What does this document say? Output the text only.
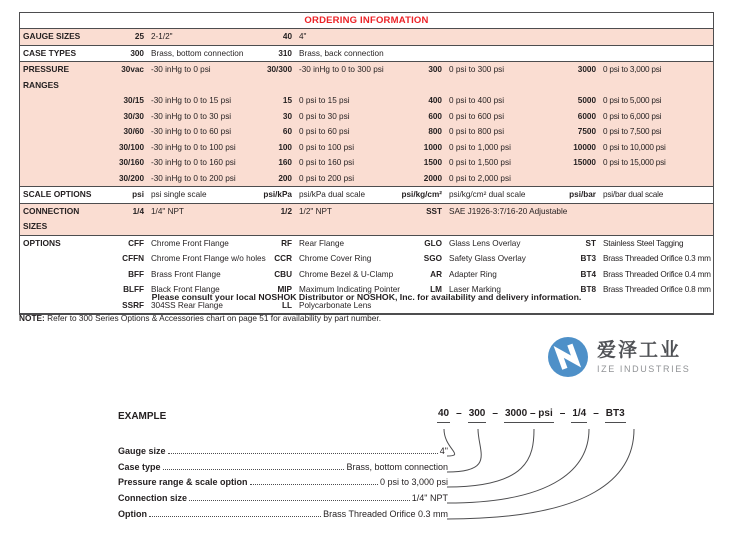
ORDERING INFORMATION
GAUGE SIZES	25 2-1/2"	40 4"
CASE TYPES	300 Brass, bottom connection	310 Brass, back connection
PRESSURE RANGES
30vac -30 inHg to 0 psi	30/300 -30 inHg to 0 to 300 psi	300 0 psi to 300 psi	3000 0 psi to 3,000 psi
30/15 -30 inHg to 0 to 15 psi	15 0 psi to 15 psi	400 0 psi to 400 psi	5000 0 psi to 5,000 psi
30/30 -30 inHg to 0 to 30 psi	30 0 psi to 30 psi	600 0 psi to 600 psi	6000 0 psi to 6,000 psi
30/60 -30 inHg to 0 to 60 psi	60 0 psi to 60 psi	800 0 psi to 800 psi	7500 0 psi to 7,500 psi
30/100 -30 inHg to 0 to 100 psi	100 0 psi to 100 psi	1000 0 psi to 1,000 psi	10000 0 psi to 10,000 psi
30/160 -30 inHg to 0 to 160 psi	160 0 psi to 160 psi	1500 0 psi to 1,500 psi	15000 0 psi to 15,000 psi
30/200 -30 inHg to 0 to 200 psi	200 0 psi to 200 psi	2000 0 psi to 2,000 psi
SCALE OPTIONS	psi psi single scale	psi/kPa psi/kPa dual scale	psi/kg/cm² psi/kg/cm² dual scale	psi/bar psi/bar dual scale
CONNECTION SIZES
1/4 1/4" NPT	1/2 1/2" NPT	SST SAE J1926-3:7/16-20 Adjustable
OPTIONS	CFF Chrome Front Flange	RF Rear Flange	GLO Glass Lens Overlay	ST Stainless Steel Tagging
CFFN Chrome Front Flange w/o holes	CCR Chrome Cover Ring	SGO Safety Glass Overlay	BT3 Brass Threaded Orifice 0.3 mm
BFF Brass Front Flange	CBU Chrome Bezel & U-Clamp	AR Adapter Ring	BT4 Brass Threaded Orifice 0.4 mm
BLFF Black Front Flange	MIP Maximum Indicating Pointer	LM Laser Marking	BT8 Brass Threaded Orifice 0.8 mm
SSRF 304SS Rear Flange	LL Polycarbonate Lens
Please consult your local NOSHOK Distributor or NOSHOK, Inc. for availability and delivery information.
NOTE: Refer to 300 Series Options & Accessories chart on page 51 for availability by part number.
爱泽工业
IZE INDUSTRIES
EXAMPLE	40 – 300 – 3000 – psi – 1/4 – BT3
Gauge size	4"
Case type	Brass, bottom connection
Pressure range & scale option	0 psi to 3,000 psi
Connection size	1/4" NPT
Option	Brass Threaded Orifice 0.3 mm
